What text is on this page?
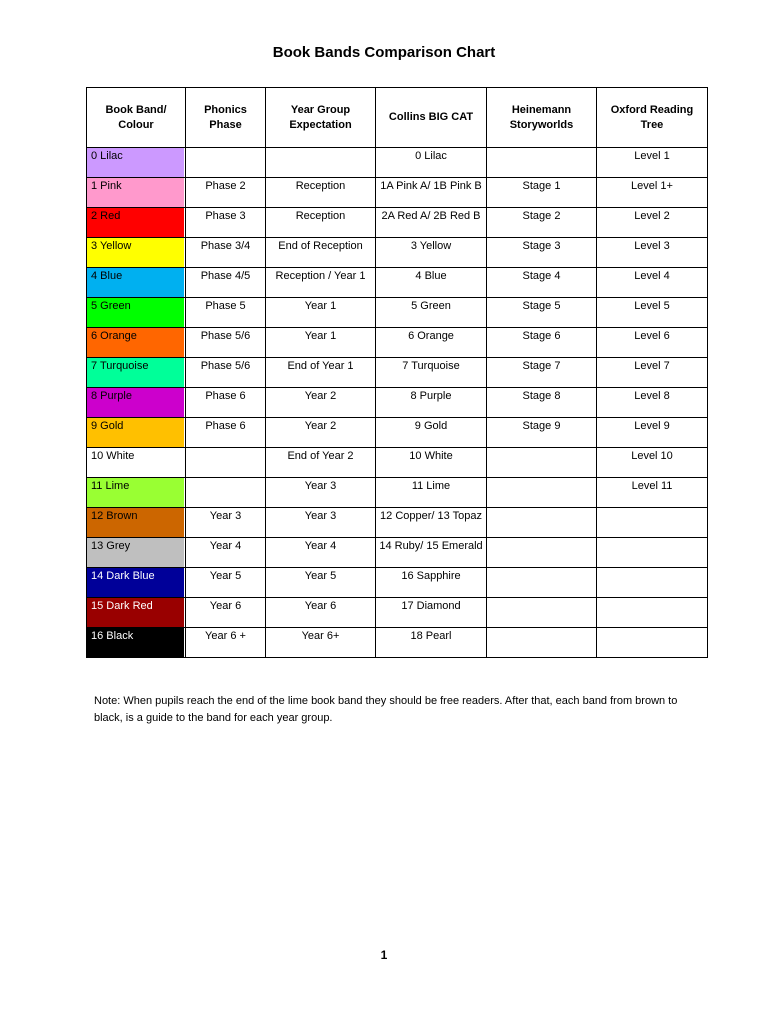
Book Bands Comparison Chart
Book Band/ Colour	Phonics Phase	Year Group Expectation	Collins BIG CAT	Heinemann Storyworlds	Oxford Reading Tree

0 Lilac			0 Lilac		Level 1

1 Pink	Phase 2	Reception	1A Pink A/ 1B Pink B	Stage 1	Level 1+

2 Red	Phase 3	Reception	2A Red A/ 2B Red B	Stage 2	Level 2

3 Yellow	Phase 3/4	End of Reception	3 Yellow	Stage 3	Level 3

4 Blue	Phase 4/5	Reception / Year 1	4 Blue	Stage 4	Level 4

5 Green	Phase 5	Year 1	5 Green	Stage 5	Level 5

6 Orange	Phase 5/6	Year 1	6 Orange	Stage 6	Level 6

7 Turquoise	Phase 5/6	End of Year 1	7 Turquoise	Stage 7	Level 7

8 Purple	Phase 6	Year 2	8 Purple	Stage 8	Level 8

9 Gold	Phase 6	Year 2	9 Gold	Stage 9	Level 9

10 White		End of Year 2	10 White		Level 10

11 Lime		Year 3	11 Lime		Level 11

12 Brown	Year 3	Year 3	12 Copper/ 13 Topaz		

13 Grey	Year 4	Year 4	14 Ruby/ 15 Emerald		

14 Dark Blue	Year 5	Year 5	16 Sapphire		

15 Dark Red	Year 6	Year 6	17 Diamond		

16 Black	Year 6 +	Year 6+	18 Pearl		
Note: When pupils reach the end of the lime book band they should be free readers. After that, each band from brown to black, is a guide to the band for each year group.
1
